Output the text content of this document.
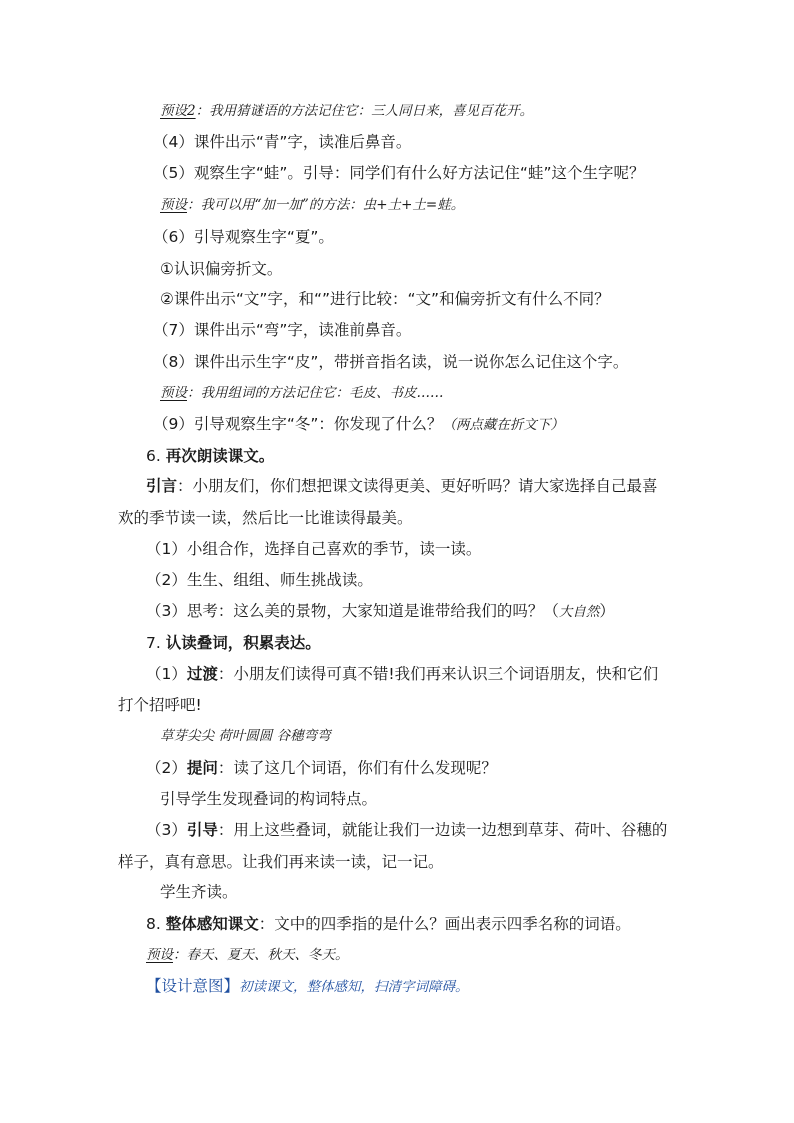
预设2：我用猜谜语的方法记住它：三人同日来，喜见百花开。
（4）课件出示“青”字，读准后鼻音。
（5）观察生字“蛙”。引导：同学们有什么好方法记住“蛙”这个生字呢？
预设：我可以用“加一加”的方法：虫+土+土=蛙。
（6）引导观察生字“夏”。
①认识偏旁折文。
②课件出示“文”字，和“”进行比较：“文”和偏旁折文有什么不同？
（7）课件出示“弯”字，读准前鼻音。
（8）课件出示生字“皮”，带拼音指名读，说一说你怎么记住这个字。
预设：我用组词的方法记住它：毛皮、书皮……
（9）引导观察生字“冬”：你发现了什么？（两点藏在折文下）
6. 再次朗读课文。
引言：小朋友们，你们想把课文读得更美、更好听吗？请大家选择自己最喜
欢的季节读一读，然后比一比谁读得最美。
（1）小组合作，选择自己喜欢的季节，读一读。
（2）生生、组组、师生挑战读。
（3）思考：这么美的景物，大家知道是谁带给我们的吗？（大自然）
7. 认读叠词，积累表达。
（1）过渡：小朋友们读得可真不错!我们再来认识三个词语朋友，快和它们
打个招呼吧!
草芽尖尖 荷叶圆圆 谷穗弯弯
（2）提问：读了这几个词语，你们有什么发现呢？
引导学生发现叠词的构词特点。
（3）引导：用上这些叠词，就能让我们一边读一边想到草芽、荷叶、谷穗的
样子，真有意思。让我们再来读一读，记一记。
学生齐读。
8. 整体感知课文：文中的四季指的是什么？画出表示四季名称的词语。
预设：春天、夏天、秋天、冬天。
【设计意图】初读课文，整体感知，扫清字词障碍。
